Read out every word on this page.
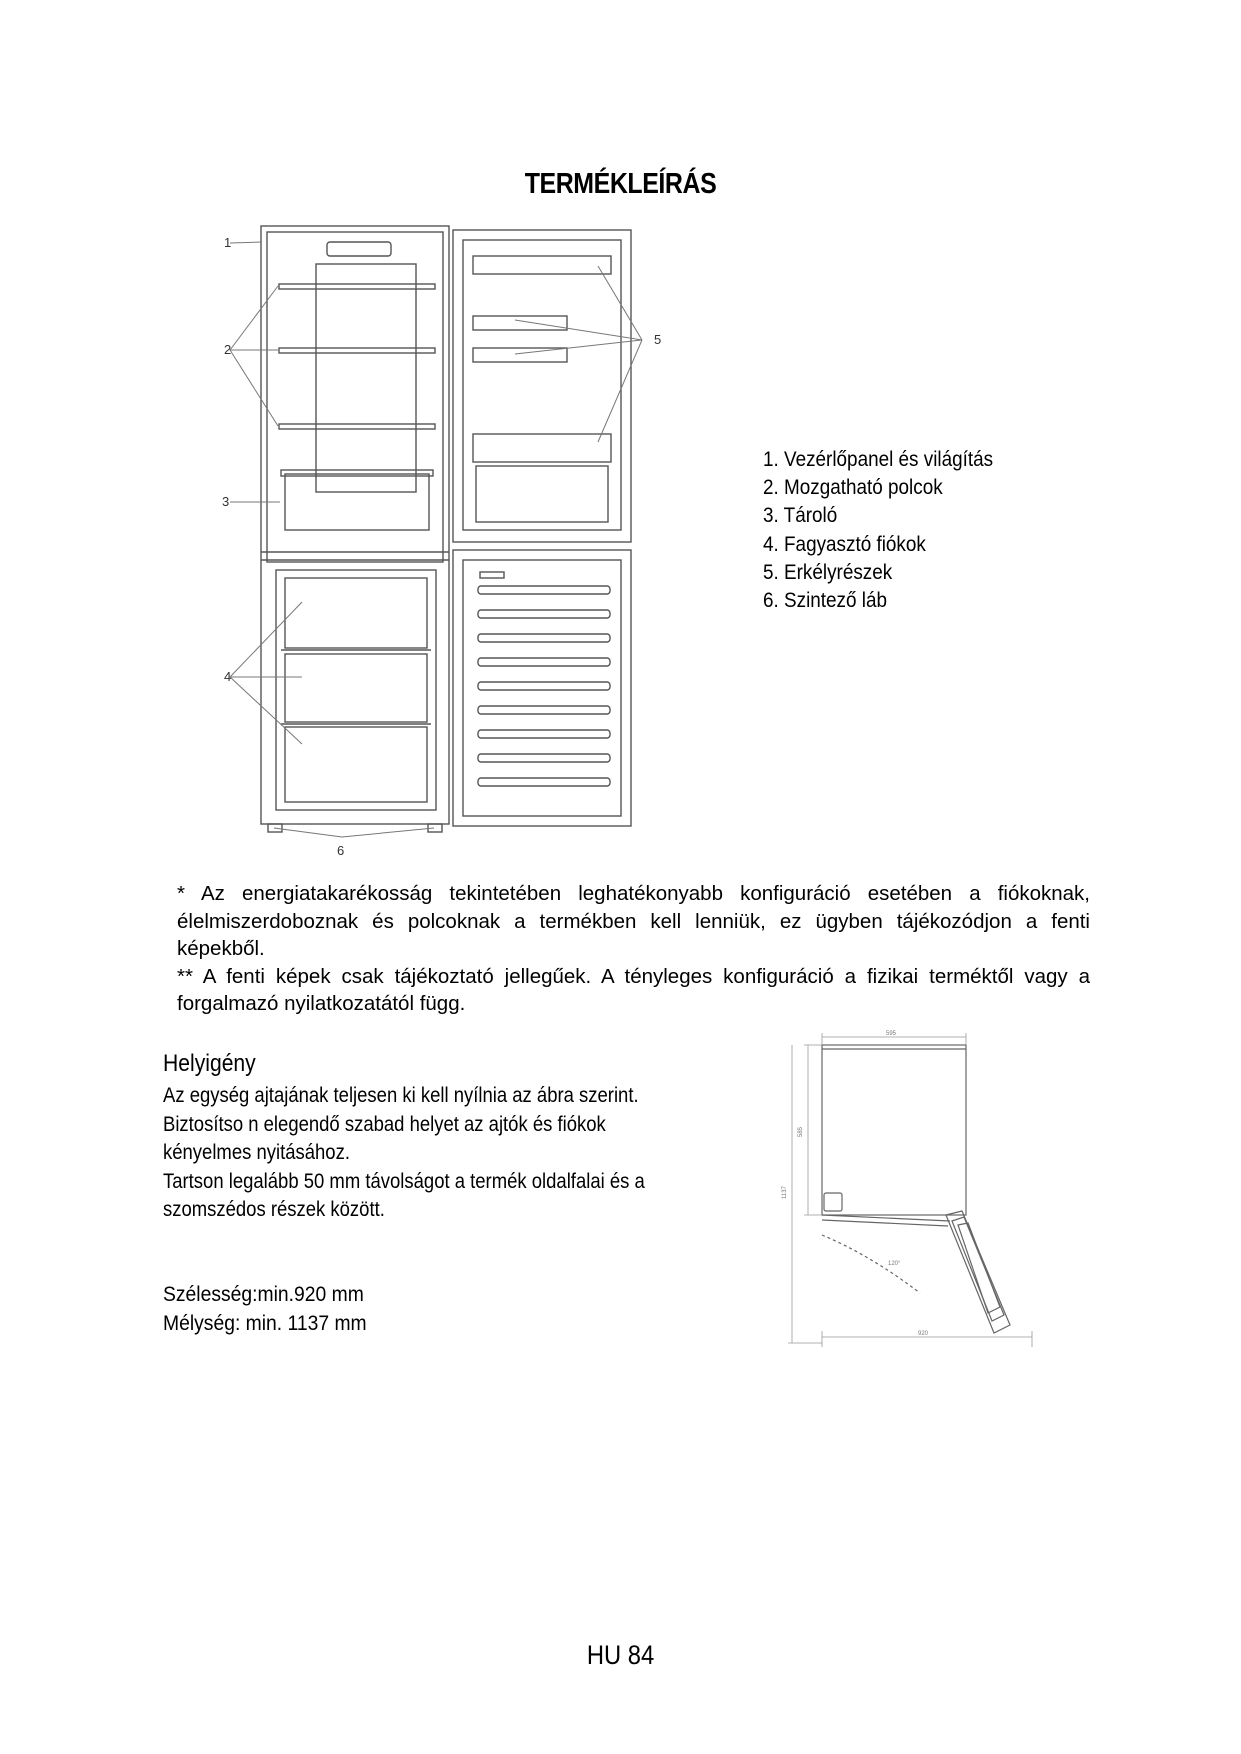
TERMÉKLEÍRÁS
1
2
3
4
5
6
1. Vezérlőpanel és világítás
2. Mozgatható polcok
3. Tároló
4. Fagyasztó fiókok
5. Erkélyrészek
6. Szintező láb

* Az energiatakarékosság tekintetében leghatékonyabb konfiguráció esetében a fiókoknak,

élelmiszerdoboznak és polcoknak a termékben kell lenniük, ez ügyben tájékozódjon a fenti képekből.

** A fenti képek csak tájékoztató jellegűek. A tényleges konfiguráció a fizikai terméktől vagy a

forgalmazó nyilatkozatától függ.

Helyigény
Az egység ajtajának teljesen ki kell nyílnia az ábra szerint.
Biztosítso n elegendő szabad helyet az ajtók és fiókok
kényelmes nyitásához.
Tartson legalább 50 mm távolságot a termék oldalfalai és a
szomszédos részek között.
Szélesség:min.920 mm
Mélység: min. 1137 mm
595
585
1137
920
120°
HU 84
